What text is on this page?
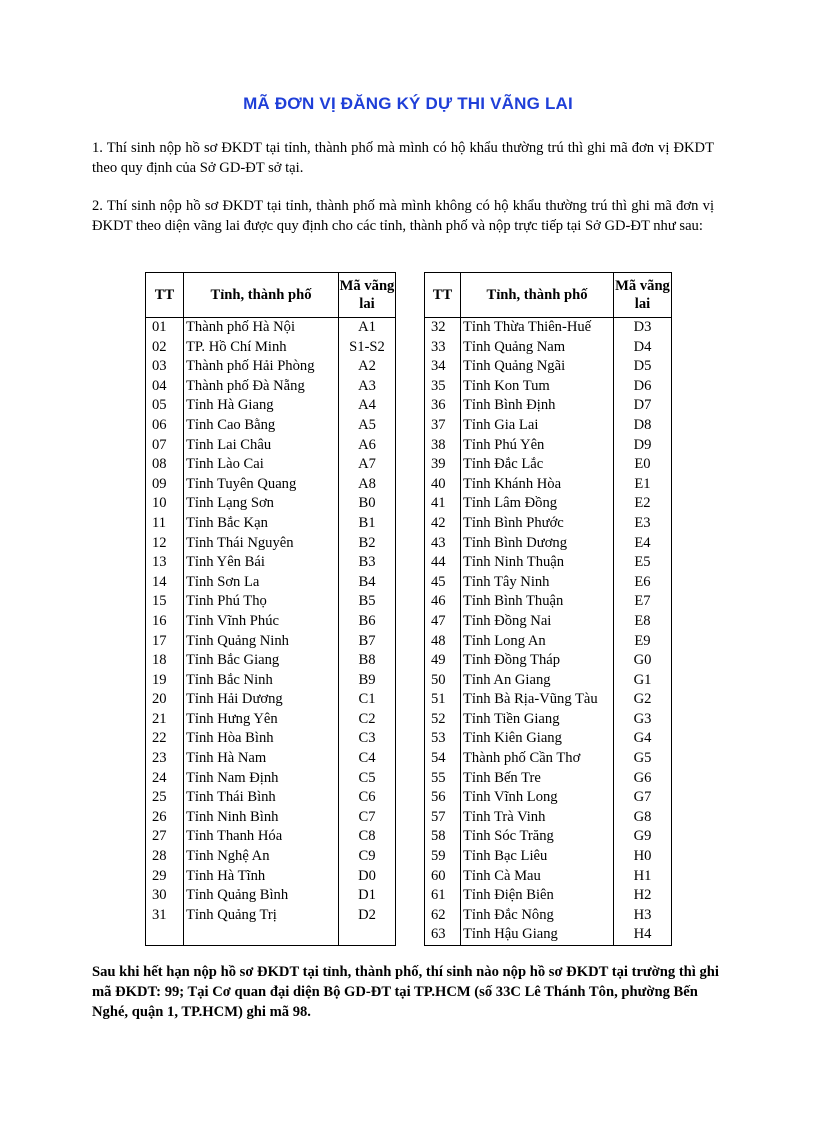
MÃ ĐƠN VỊ ĐĂNG KÝ DỰ THI VÃNG LAI
1. Thí sinh nộp hồ sơ ĐKDT tại tỉnh, thành phố mà mình có hộ khẩu thường trú thì ghi mã đơn vị ĐKDT theo quy định của Sở GD-ĐT sở tại.
2. Thí sinh nộp hồ sơ ĐKDT tại tỉnh, thành phố mà mình không có hộ khẩu thường trú thì ghi mã đơn vị ĐKDT theo diện vãng lai được quy định cho các tỉnh, thành phố và nộp trực tiếp tại Sở GD-ĐT như sau:
TT	Tỉnh, thành phố	Mã vãng lai
01	Thành phố Hà Nội	A1
02	TP. Hồ Chí Minh	S1-S2
03	Thành phố Hải Phòng	A2
04	Thành phố Đà Nẵng	A3
05	Tỉnh Hà Giang	A4
06	Tỉnh Cao Bằng	A5
07	Tỉnh Lai Châu	A6
08	Tỉnh Lào Cai	A7
09	Tỉnh Tuyên Quang	A8
10	Tỉnh Lạng Sơn	B0
11	Tỉnh Bắc Kạn	B1
12	Tỉnh Thái Nguyên	B2
13	Tỉnh Yên Bái	B3
14	Tỉnh Sơn La	B4
15	Tỉnh Phú Thọ	B5
16	Tỉnh Vĩnh Phúc	B6
17	Tỉnh Quảng Ninh	B7
18	Tỉnh Bắc Giang	B8
19	Tỉnh Bắc Ninh	B9
20	Tỉnh Hải Dương	C1
21	Tỉnh Hưng Yên	C2
22	Tỉnh Hòa Bình	C3
23	Tỉnh Hà Nam	C4
24	Tỉnh Nam Định	C5
25	Tỉnh Thái Bình	C6
26	Tỉnh Ninh Bình	C7
27	Tỉnh Thanh Hóa	C8
28	Tỉnh Nghệ An	C9
29	Tỉnh Hà Tĩnh	D0
30	Tỉnh Quảng Bình	D1
31	Tỉnh Quảng Trị	D2

TT	Tỉnh, thành phố	Mã vãng lai
32	Tỉnh Thừa Thiên-Huế	D3
33	Tỉnh Quảng Nam	D4
34	Tỉnh Quảng Ngãi	D5
35	Tỉnh Kon Tum	D6
36	Tỉnh Bình Định	D7
37	Tỉnh Gia Lai	D8
38	Tỉnh Phú Yên	D9
39	Tỉnh Đắc Lắc	E0
40	Tỉnh Khánh Hòa	E1
41	Tỉnh Lâm Đồng	E2
42	Tỉnh Bình Phước	E3
43	Tỉnh Bình Dương	E4
44	Tỉnh Ninh Thuận	E5
45	Tỉnh Tây Ninh	E6
46	Tỉnh Bình Thuận	E7
47	Tỉnh Đồng Nai	E8
48	Tỉnh Long An	E9
49	Tỉnh Đồng Tháp	G0
50	Tỉnh An Giang	G1
51	Tỉnh Bà Rịa-Vũng Tàu	G2
52	Tỉnh Tiền Giang	G3
53	Tỉnh Kiên Giang	G4
54	Thành phố Cần Thơ	G5
55	Tỉnh Bến Tre	G6
56	Tỉnh Vĩnh Long	G7
57	Tỉnh Trà Vinh	G8
58	Tỉnh Sóc Trăng	G9
59	Tỉnh Bạc Liêu	H0
60	Tỉnh Cà Mau	H1
61	Tỉnh Điện Biên	H2
62	Tỉnh Đắc Nông	H3
63	Tỉnh Hậu Giang	H4
Sau khi hết hạn nộp hồ sơ ĐKDT tại tỉnh, thành phố, thí sinh nào nộp hồ sơ ĐKDT tại trường thì ghi mã ĐKDT: 99; Tại Cơ quan đại diện Bộ GD-ĐT tại TP.HCM (số 33C Lê Thánh Tôn, phường Bến Nghé, quận 1, TP.HCM) ghi mã 98.
